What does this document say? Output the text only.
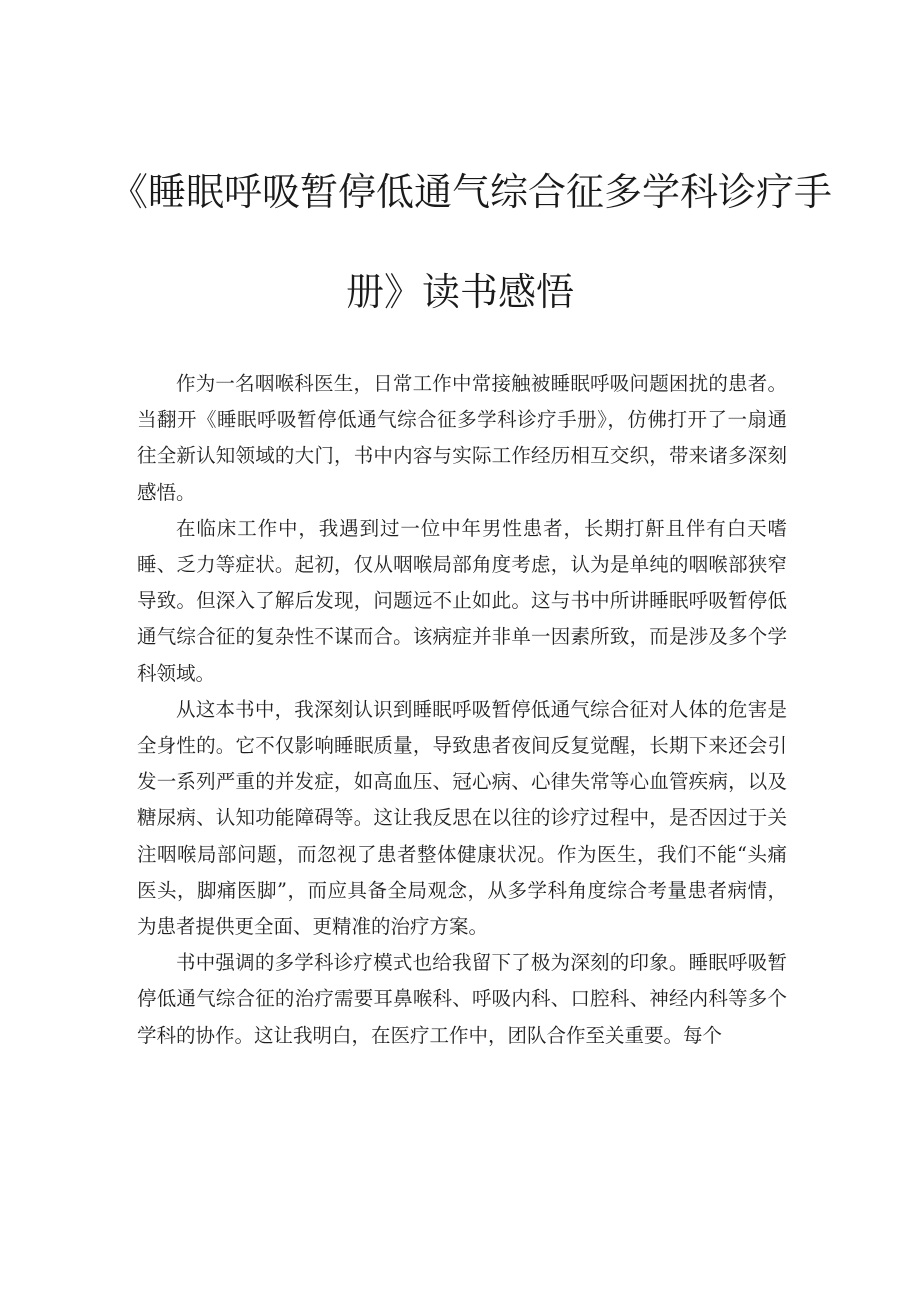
《睡眠呼吸暂停低通气综合征多学科诊疗手
册》读书感悟

作为一名咽喉科医生，日常工作中常接触被睡眠呼吸问题困扰的患者。当翻开《睡眠呼吸暂停低通气综合征多学科诊疗手册》，仿佛打开了一扇通往全新认知领域的大门，书中内容与实际工作经历相互交织，带来诸多深刻感悟。

在临床工作中，我遇到过一位中年男性患者，长期打鼾且伴有白天嗜睡、乏力等症状。起初，仅从咽喉局部角度考虑，认为是单纯的咽喉部狭窄导致。但深入了解后发现，问题远不止如此。这与书中所讲睡眠呼吸暂停低通气综合征的复杂性不谋而合。该病症并非单一因素所致，而是涉及多个学科领域。

从这本书中，我深刻认识到睡眠呼吸暂停低通气综合征对人体的危害是全身性的。它不仅影响睡眠质量，导致患者夜间反复觉醒，长期下来还会引发一系列严重的并发症，如高血压、冠心病、心律失常等心血管疾病，以及糖尿病、认知功能障碍等。这让我反思在以往的诊疗过程中，是否因过于关注咽喉局部问题，而忽视了患者整体健康状况。作为医生，我们不能“头痛医头，脚痛医脚”，而应具备全局观念，从多学科角度综合考量患者病情，为患者提供更全面、更精准的治疗方案。

书中强调的多学科诊疗模式也给我留下了极为深刻的印象。睡眠呼吸暂停低通气综合征的治疗需要耳鼻喉科、呼吸内科、口腔科、神经内科等多个学科的协作。这让我明白，在医疗工作中，团队合作至关重要。每个
